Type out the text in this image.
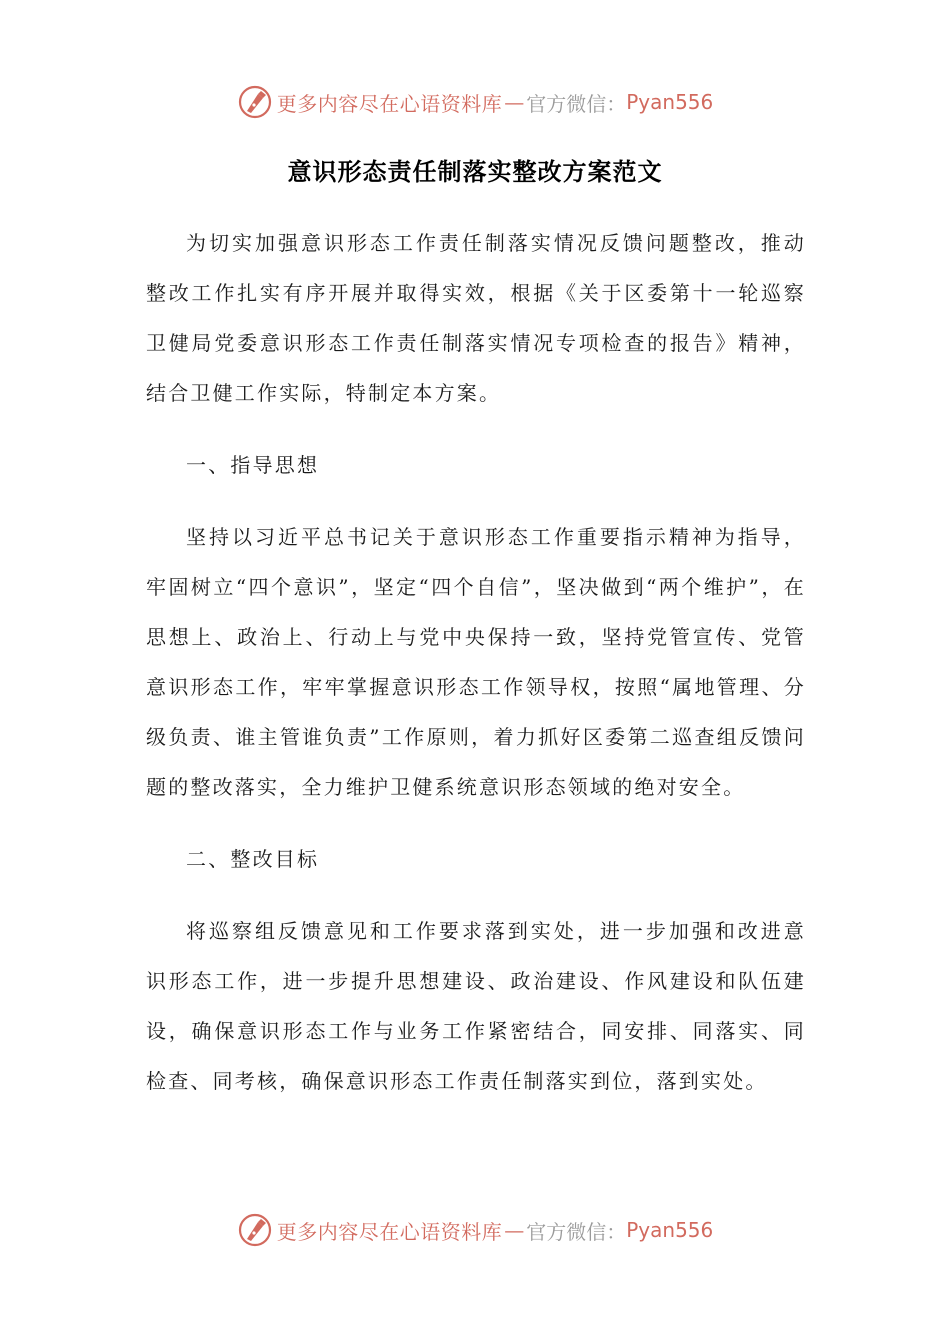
更多内容尽在心语资料库 — 官方微信： Pyan556
意识形态责任制落实整改方案范文

为切实加强意识形态工作责任制落实情况反馈问题整改，推动整改工作扎实有序开展并取得实效，根据《关于区委第十一轮巡察卫健局党委意识形态工作责任制落实情况专项检查的报告》精神，结合卫健工作实际，特制定本方案。

一、指导思想

坚持以习近平总书记关于意识形态工作重要指示精神为指导，牢固树立“四个意识”，坚定“四个自信”，坚决做到“两个维护”，在思想上、政治上、行动上与党中央保持一致，坚持党管宣传、党管意识形态工作，牢牢掌握意识形态工作领导权，按照“属地管理、分级负责、谁主管谁负责”工作原则，着力抓好区委第二巡查组反馈问题的整改落实，全力维护卫健系统意识形态领域的绝对安全。

二、整改目标

将巡察组反馈意见和工作要求落到实处，进一步加强和改进意识形态工作，进一步提升思想建设、政治建设、作风建设和队伍建设，确保意识形态工作与业务工作紧密结合，同安排、同落实、同检查、同考核，确保意识形态工作责任制落实到位，落到实处。

更多内容尽在心语资料库 — 官方微信： Pyan556
